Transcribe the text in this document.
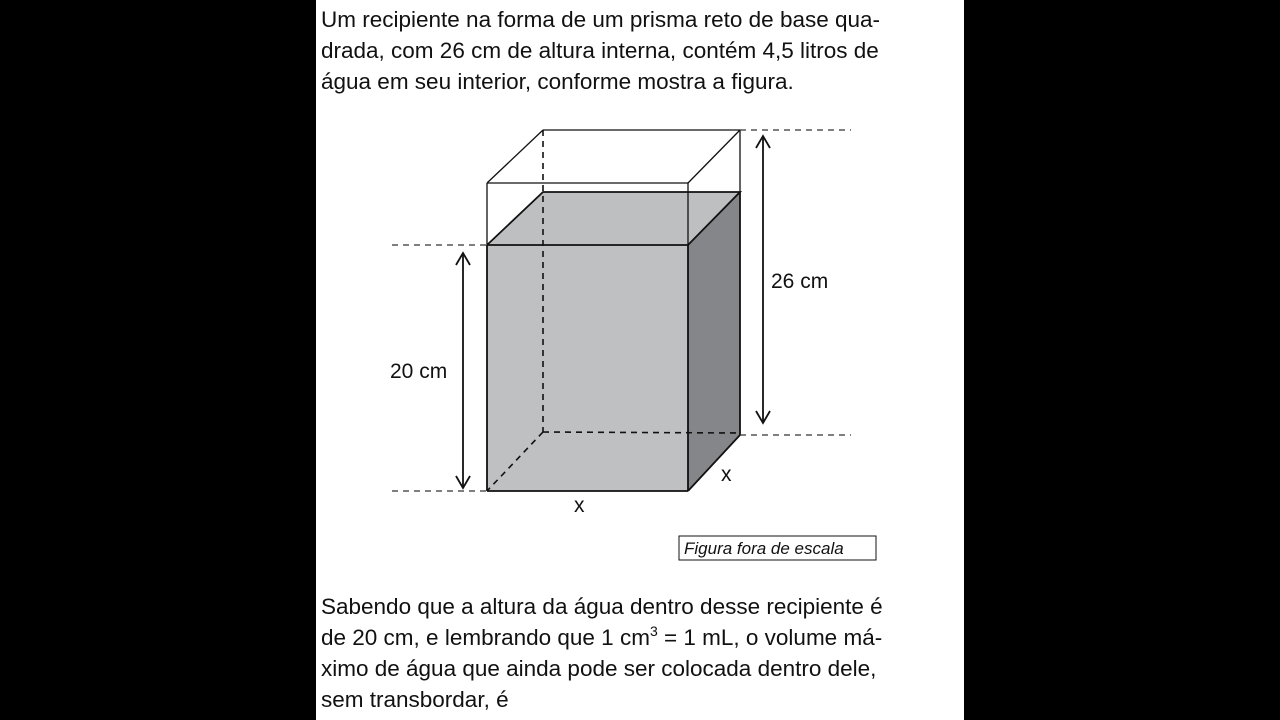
Um recipiente na forma de um prisma reto de base qua-
drada, com 26 cm de altura interna, contém 4,5 litros de
água em seu interior, conforme mostra a figura.

20 cm
26 cm
x
x
Figura fora de escala

Sabendo que a altura da água dentro desse recipiente é
de 20 cm, e lembrando que 1 $cm^3 = 1$ mL, o volume má-
ximo de água que ainda pode ser colocada dentro dele,
sem transbordar, é
